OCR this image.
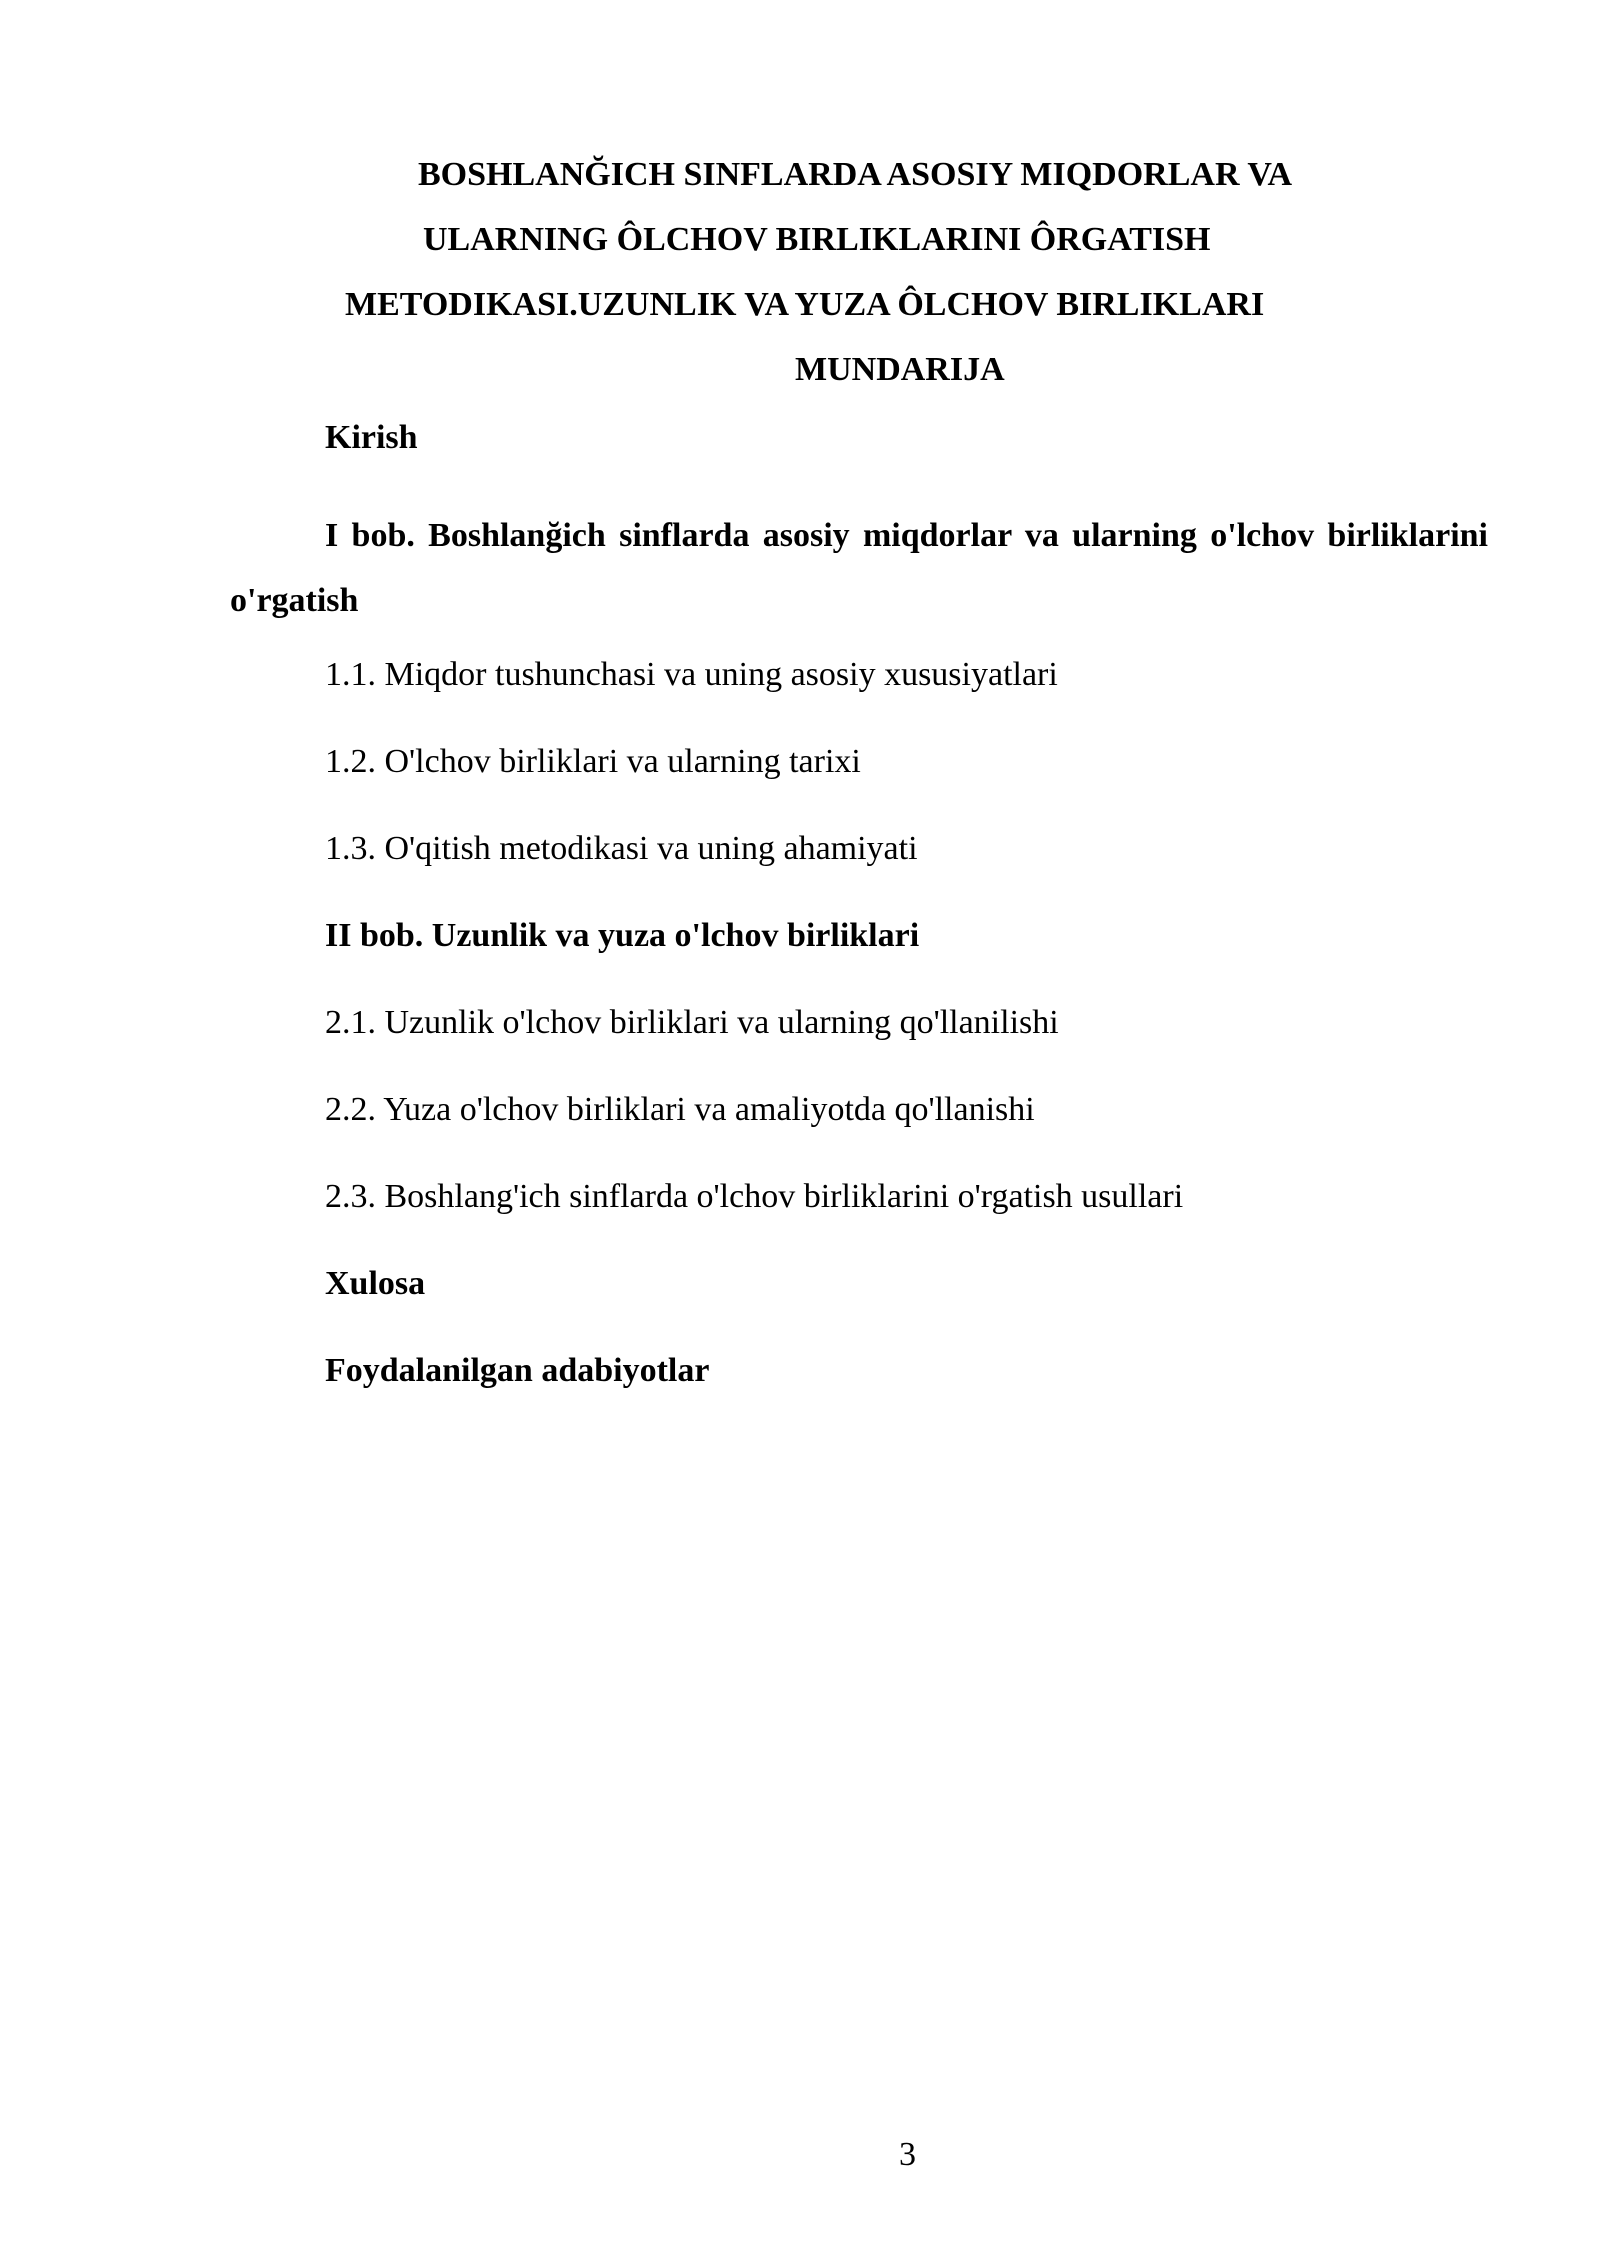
BOSHLANĞICH SINFLARDA ASOSIY MIQDORLAR VA
ULARNING ÔLCHOV BIRLIKLARINI ÔRGATISH
METODIKASI.UZUNLIK VA YUZA ÔLCHOV BIRLIKLARI
MUNDARIJA
Kirish
I bob. Boshlanğich sinflarda asosiy miqdorlar va ularning o'lchov birliklarini o'rgatish
1.1. Miqdor tushunchasi va uning asosiy xususiyatlari
1.2. O'lchov birliklari va ularning tarixi
1.3. O'qitish metodikasi va uning ahamiyati
II bob. Uzunlik va yuza o'lchov birliklari
2.1. Uzunlik o'lchov birliklari va ularning qo'llanilishi
2.2. Yuza o'lchov birliklari va amaliyotda qo'llanishi
2.3. Boshlang'ich sinflarda o'lchov birliklarini o'rgatish usullari
Xulosa
Foydalanilgan adabiyotlar
3
